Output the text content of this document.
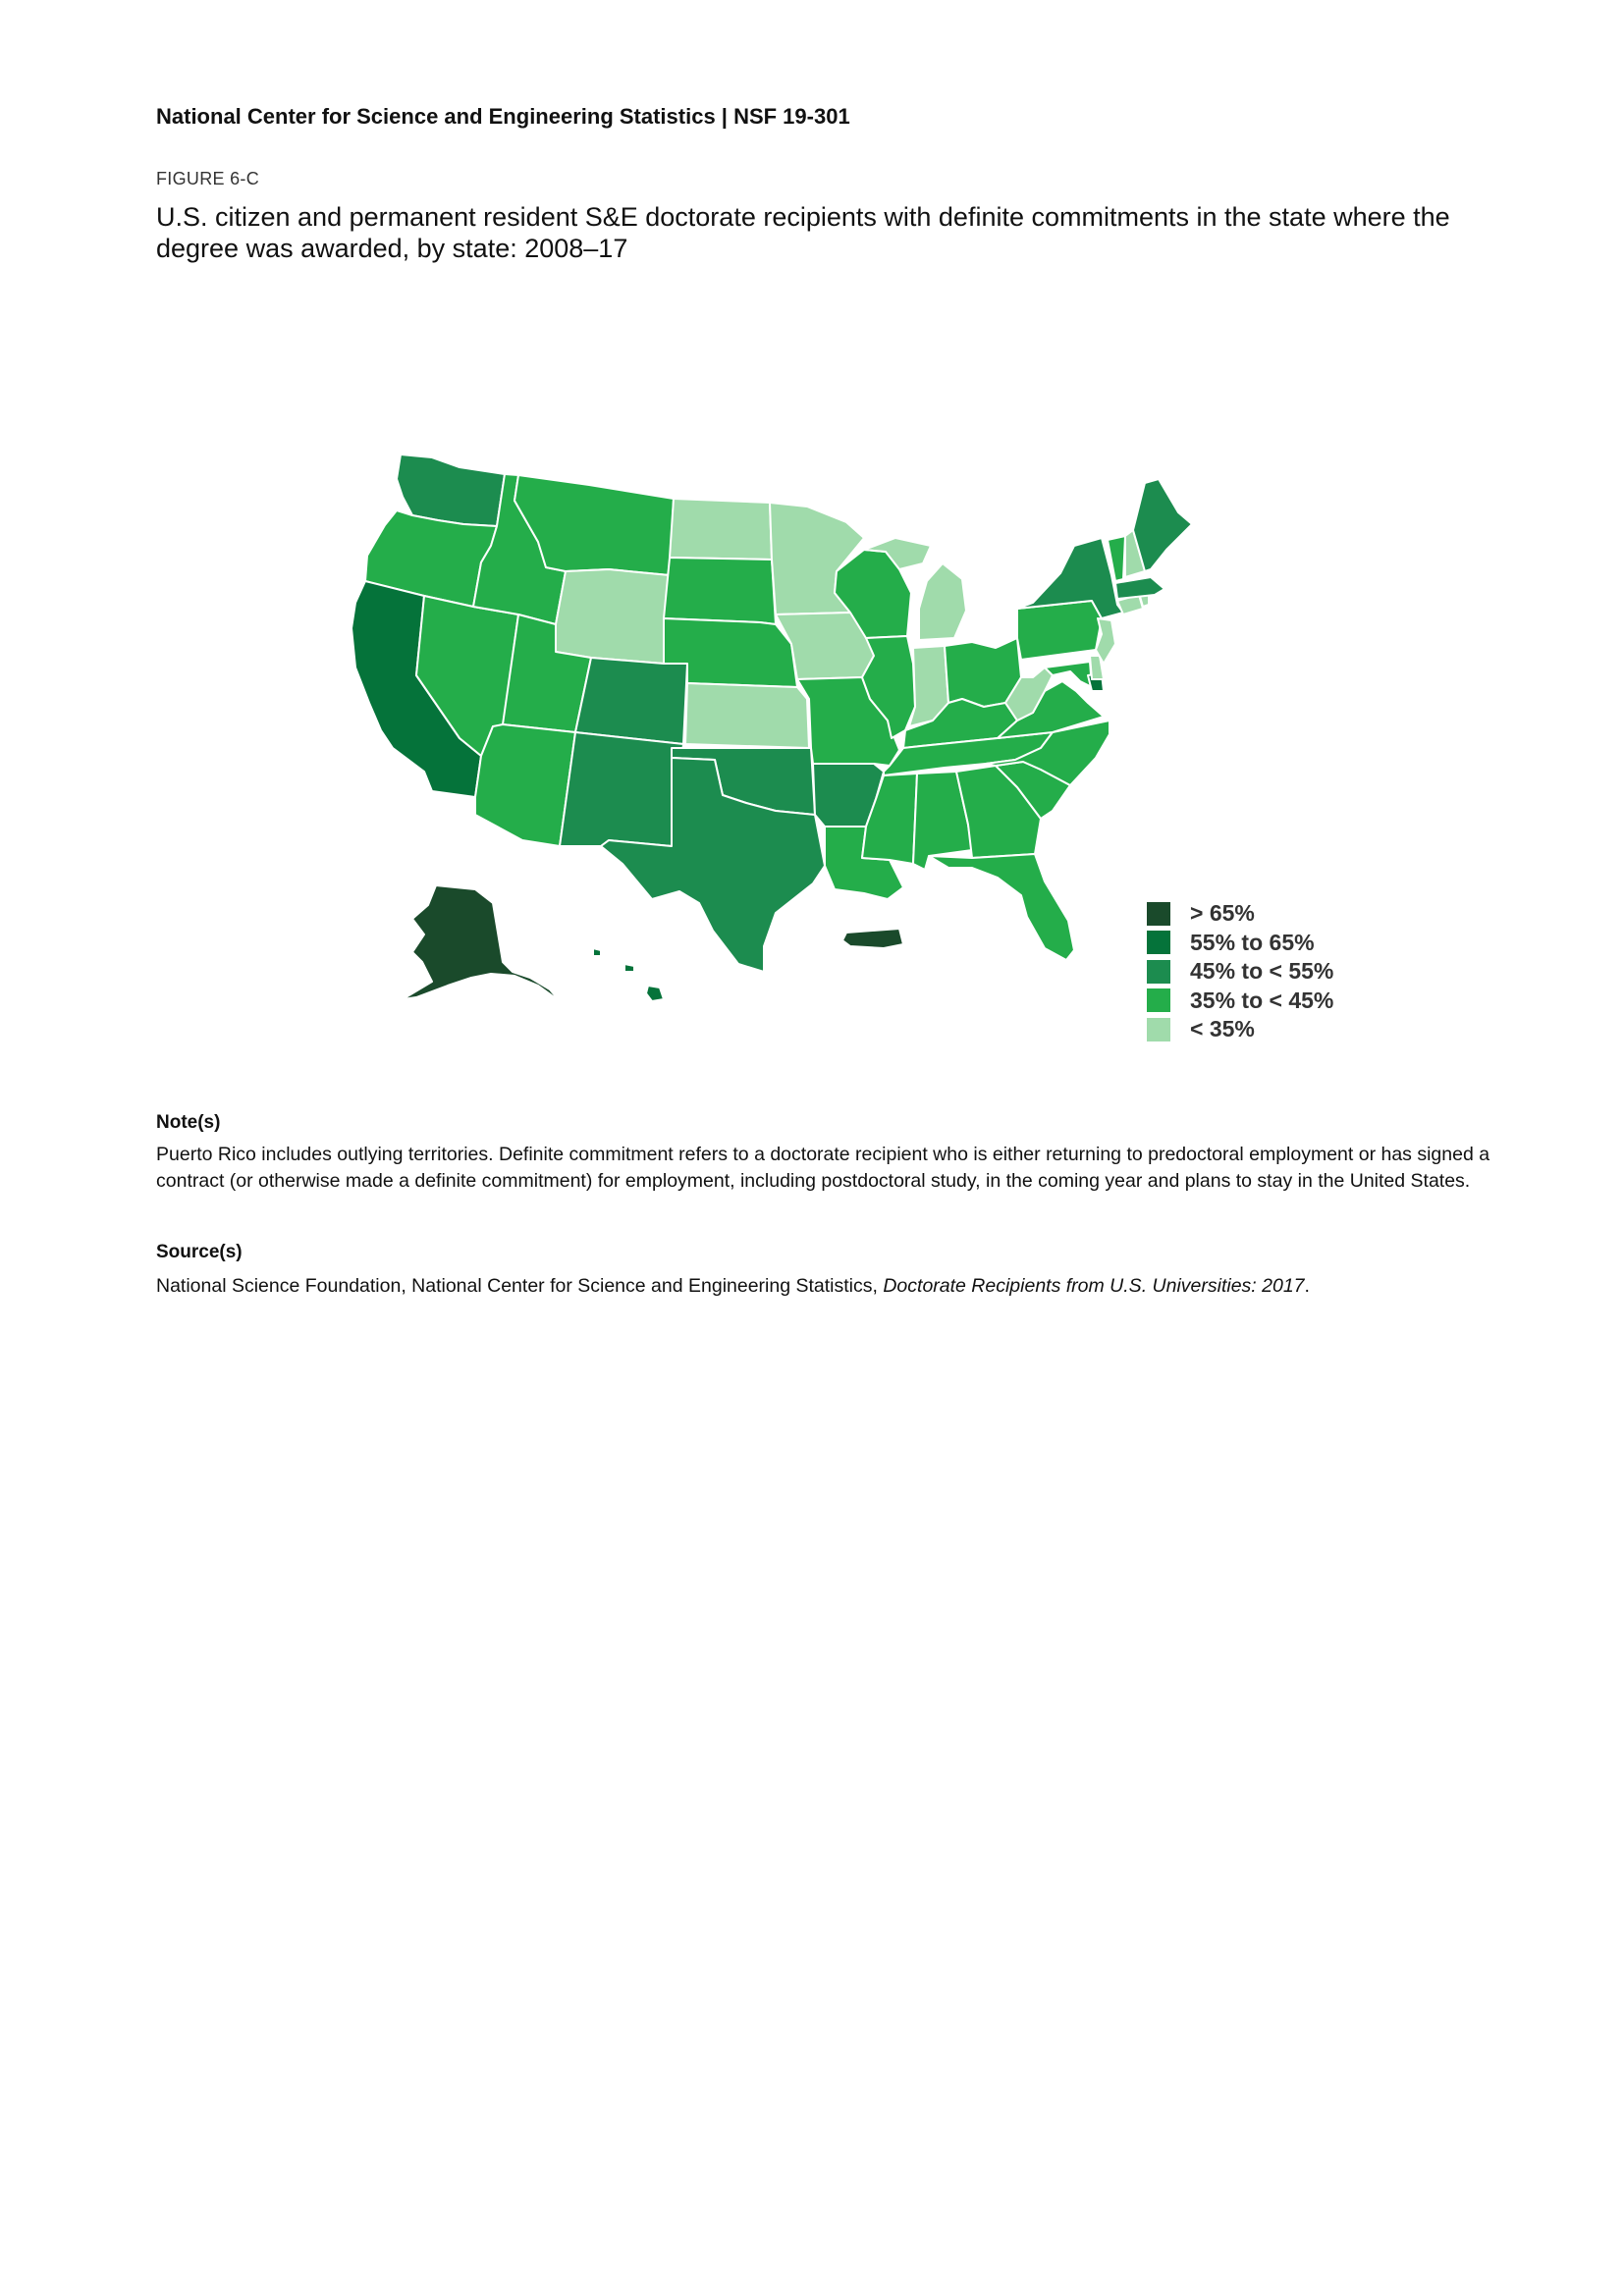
National Center for Science and Engineering Statistics | NSF 19-301
FIGURE 6-C
U.S. citizen and permanent resident S&E doctorate recipients with definite commitments in the state where the degree was awarded, by state: 2008–17
> 65%
55% to 65%
45% to < 55%
35% to < 45%
< 35%
Note(s)
Puerto Rico includes outlying territories. Definite commitment refers to a doctorate recipient who is either returning to predoctoral employment or has signed a contract (or otherwise made a definite commitment) for employment, including postdoctoral study, in the coming year and plans to stay in the United States.
Source(s)
National Science Foundation, National Center for Science and Engineering Statistics, Doctorate Recipients from U.S. Universities: 2017.
